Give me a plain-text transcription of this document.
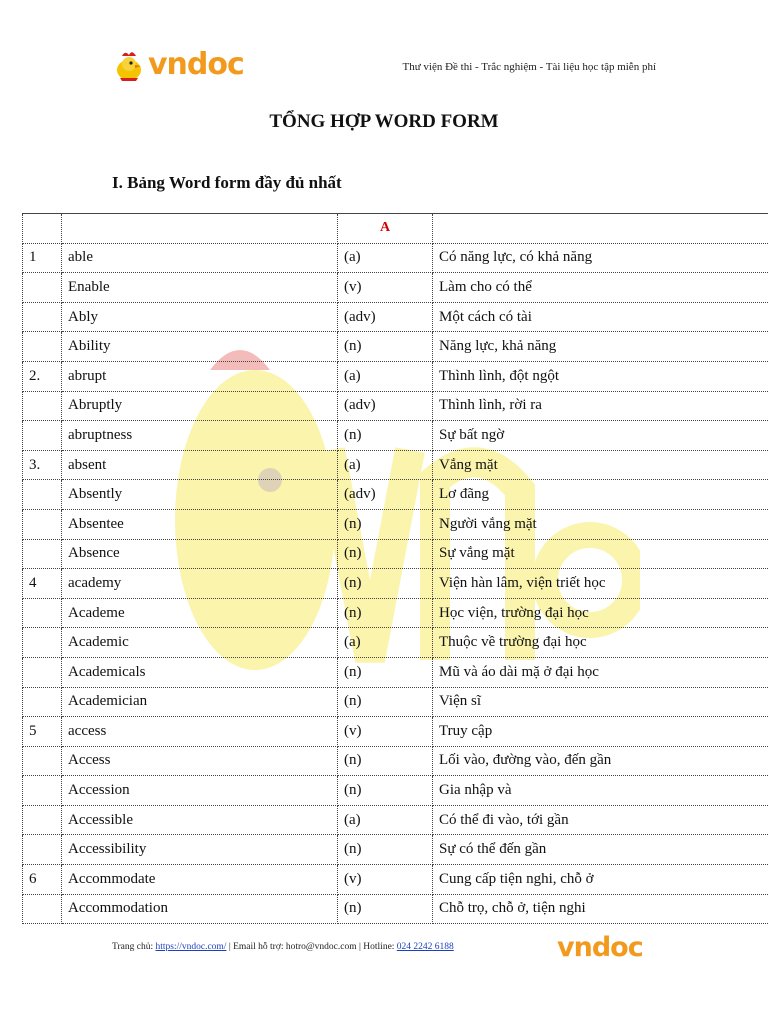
vndoc	Thư viện Đề thi - Trắc nghiệm - Tài liệu học tập miễn phí
TỔNG HỢP WORD FORM
I. Bảng Word form đầy đủ nhất
		A	
1	able	(a)	Có năng lực, có khả năng
	Enable	(v)	Làm cho có thể
	Ably	(adv)	Một cách có tài
	Ability	(n)	Năng lực, khả năng
2.	abrupt	(a)	Thình lình, đột ngột
	Abruptly	(adv)	Thình lình, rời ra
	abruptness	(n)	Sự bất ngờ
3.	absent	(a)	Vắng mặt
	Absently	(adv)	Lơ đãng
	Absentee	(n)	Người vắng mặt
	Absence	(n)	Sự vắng mặt
4	academy	(n)	Viện hàn lâm, viện triết học
	Academe	(n)	Học viện, trường đại học
	Academic	(a)	Thuộc về trường đại học
	Academicals	(n)	Mũ và áo dài mặ ở đại học
	Academician	(n)	Viện sĩ
5	access	(v)	Truy cập
	Access	(n)	Lối vào, đường vào, đến gần
	Accession	(n)	Gia nhập và
	Accessible	(a)	Có thể đi vào, tới gần
	Accessibility	(n)	Sự có thể đến gần
6	Accommodate	(v)	Cung cấp tiện nghi, chỗ ở
	Accommodation	(n)	Chỗ trọ, chỗ ở, tiện nghi
Trang chủ: https://vndoc.com/ | Email hỗ trợ: hotro@vndoc.com | Hotline: 024 2242 6188	vndoc
